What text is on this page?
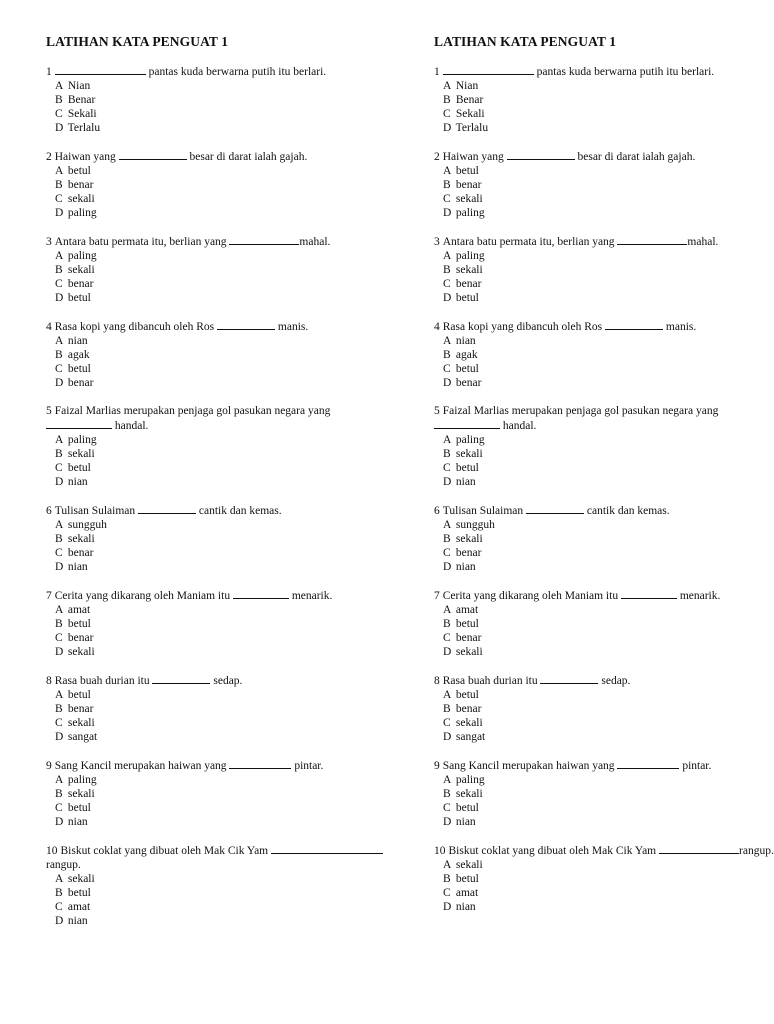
LATIHAN KATA PENGUAT 1

1	pantas kuda berwarna putih itu berlari.

A Nian
B Benar
C Sekali
D Terlalu

2 Haiwan yang	besar di darat ialah gajah.

A betul
B benar
C sekali
D paling

3 Antara batu permata itu, berlian yang	mahal.

A paling
B sekali
C benar
D betul

4 Rasa kopi yang dibancuh oleh Ros	manis.

A nian
B agak
C betul
D benar

5 Faizal Marlias merupakan penjaga gol pasukan negara yang  handal.

A paling
B sekali
C betul
D nian

6 Tulisan Sulaiman	cantik dan kemas.

A sungguh
B sekali
C benar
D nian

7 Cerita yang dikarang oleh Maniam itu	menarik.

A amat
B betul
C benar
D sekali

8 Rasa buah durian itu	sedap.

A betul
B benar
C sekali
D sangat

9 Sang Kancil merupakan haiwan yang	pintar.

A paling
B sekali
C betul
D nian

10 Biskut coklat yang dibuat oleh Mak Cik Yam rangup.

A sekali
B betul
C amat
D nian
LATIHAN KATA PENGUAT 1

1	pantas kuda berwarna putih itu berlari.

A Nian
B Benar
C Sekali
D Terlalu

2 Haiwan yang	besar di darat ialah gajah.

A betul
B benar
C sekali
D paling

3 Antara batu permata itu, berlian yang	mahal.

A paling
B sekali
C benar
D betul

4 Rasa kopi yang dibancuh oleh Ros	manis.

A nian
B agak
C betul
D benar

5 Faizal Marlias merupakan penjaga gol pasukan negara yang  handal.

A paling
B sekali
C betul
D nian

6 Tulisan Sulaiman	cantik dan kemas.

A sungguh
B sekali
C benar
D nian

7 Cerita yang dikarang oleh Maniam itu	menarik.

A amat
B betul
C benar
D sekali

8 Rasa buah durian itu	sedap.

A betul
B benar
C sekali
D sangat

9 Sang Kancil merupakan haiwan yang	pintar.

A paling
B sekali
C betul
D nian

10 Biskut coklat yang dibuat oleh Mak Cik Yam	rangup.

A sekali
B betul
C amat
D nian
